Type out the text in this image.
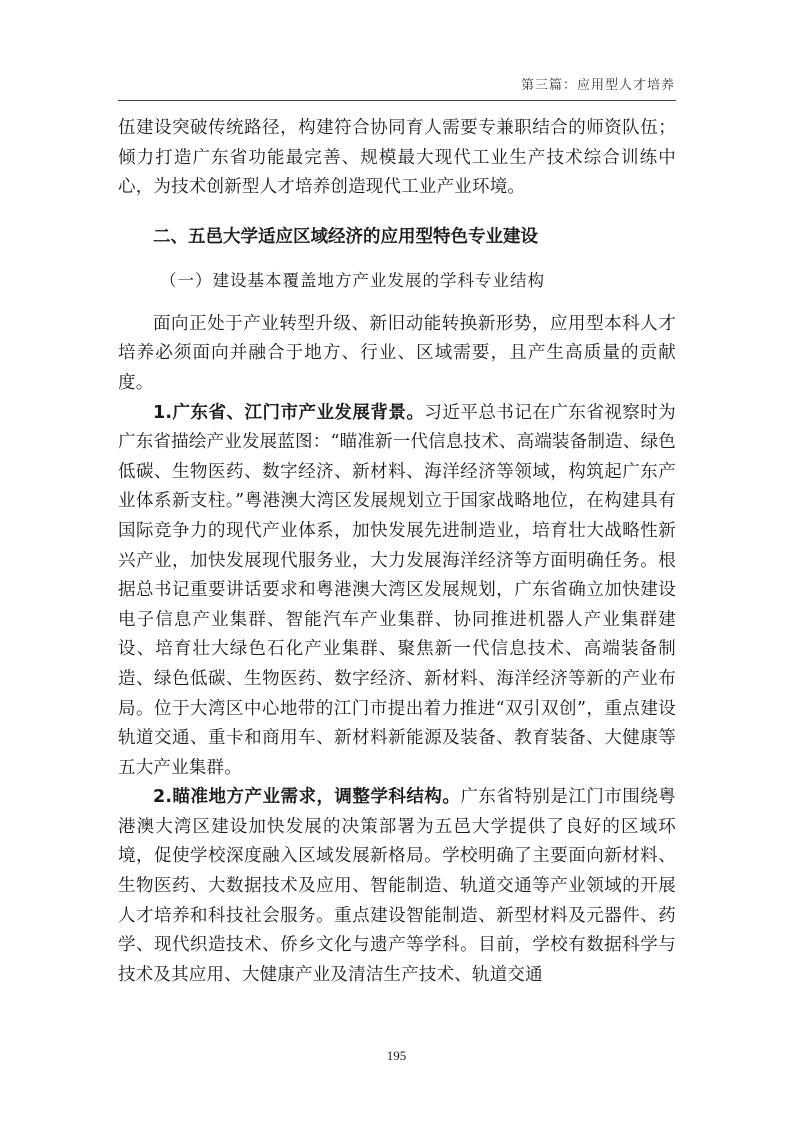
第三篇：应用型人才培养

伍建设突破传统路径，构建符合协同育人需要专兼职结合的师资队伍；倾力打造广东省功能最完善、规模最大现代工业生产技术综合训练中心，为技术创新型人才培养创造现代工业产业环境。

二、五邑大学适应区域经济的应用型特色专业建设
（一）建设基本覆盖地方产业发展的学科专业结构

面向正处于产业转型升级、新旧动能转换新形势，应用型本科人才培养必须面向并融合于地方、行业、区域需要，且产生高质量的贡献度。

1.广东省、江门市产业发展背景。习近平总书记在广东省视察时为广东省描绘产业发展蓝图：“瞄准新一代信息技术、高端装备制造、绿色低碳、生物医药、数字经济、新材料、海洋经济等领域，构筑起广东产业体系新支柱。”粤港澳大湾区发展规划立于国家战略地位，在构建具有国际竞争力的现代产业体系，加快发展先进制造业，培育壮大战略性新兴产业，加快发展现代服务业，大力发展海洋经济等方面明确任务。根据总书记重要讲话要求和粤港澳大湾区发展规划，广东省确立加快建设电子信息产业集群、智能汽车产业集群、协同推进机器人产业集群建设、培育壮大绿色石化产业集群、聚焦新一代信息技术、高端装备制造、绿色低碳、生物医药、数字经济、新材料、海洋经济等新的产业布局。位于大湾区中心地带的江门市提出着力推进“双引双创”，重点建设轨道交通、重卡和商用车、新材料新能源及装备、教育装备、大健康等五大产业集群。

2.瞄准地方产业需求，调整学科结构。广东省特别是江门市围绕粤港澳大湾区建设加快发展的决策部署为五邑大学提供了良好的区域环境，促使学校深度融入区域发展新格局。学校明确了主要面向新材料、生物医药、大数据技术及应用、智能制造、轨道交通等产业领域的开展人才培养和科技社会服务。重点建设智能制造、新型材料及元器件、药学、现代织造技术、侨乡文化与遗产等学科。目前，学校有数据科学与技术及其应用、大健康产业及清洁生产技术、轨道交通

195
